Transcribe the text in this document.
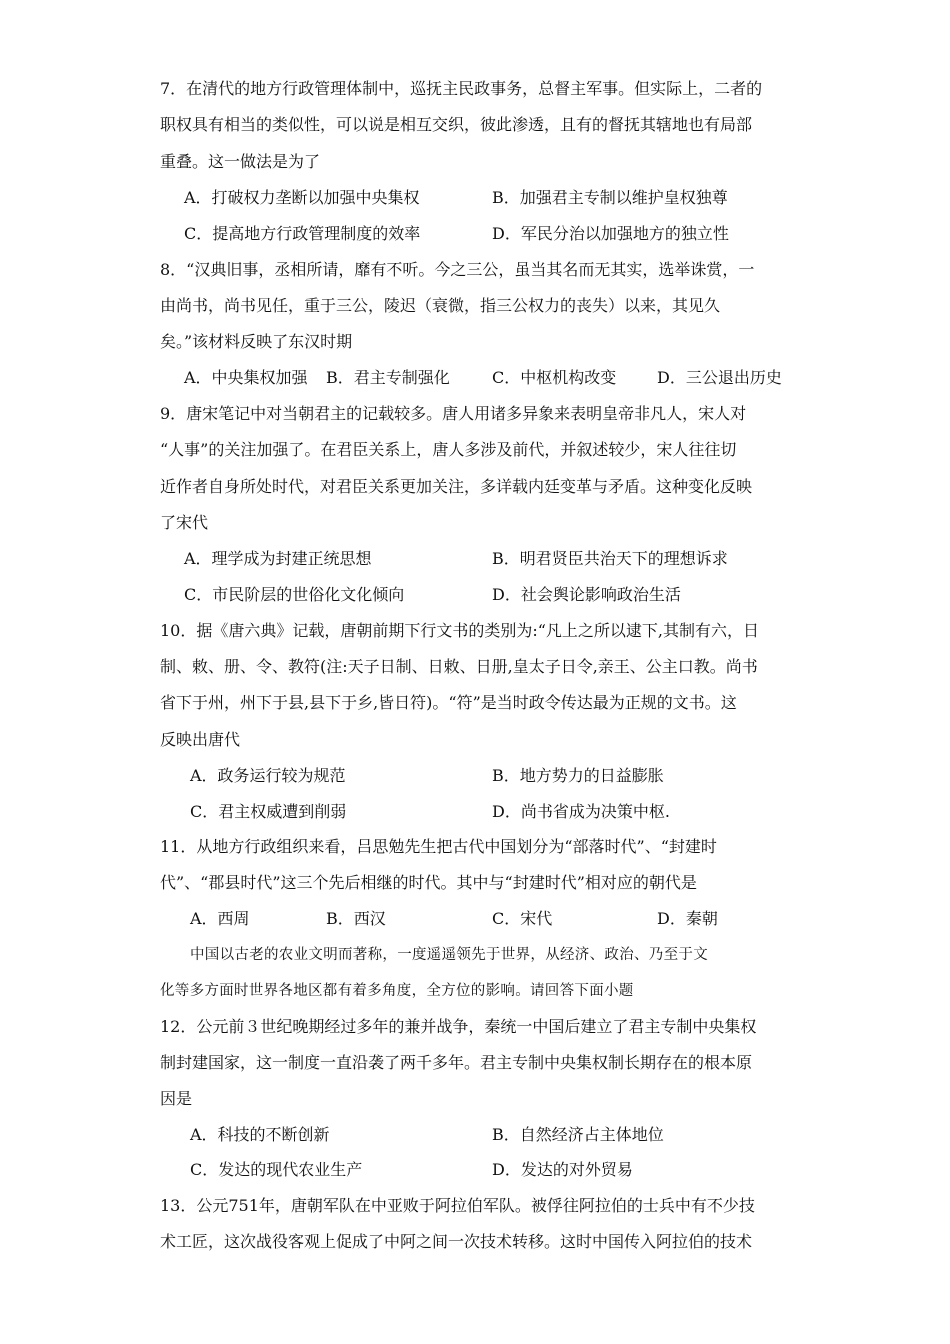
7．在清代的地方行政管理体制中，巡抚主民政事务，总督主军事。但实际上，二者的
职权具有相当的类似性，可以说是相互交织，彼此渗透，且有的督抚其辖地也有局部
重叠。这一做法是为了
A．打破权力垄断以加强中央集权	B．加强君主专制以维护皇权独尊
C．提高地方行政管理制度的效率	D．军民分治以加强地方的独立性
8．“汉典旧事，丞相所请，靡有不听。今之三公，虽当其名而无其实，选举诛赏，一
由尚书，尚书见任，重于三公，陵迟（衰微，指三公权力的丧失）以来，其见久
矣。”该材料反映了东汉时期
A．中央集权加强 B．君主专制强化	C．中枢机构改变	D．三公退出历史
9．唐宋笔记中对当朝君主的记载较多。唐人用诸多异象来表明皇帝非凡人，宋人对
“人事”的关注加强了。在君臣关系上，唐人多涉及前代，并叙述较少，宋人往往切
近作者自身所处时代，对君臣关系更加关注，多详载内廷变革与矛盾。这种变化反映
了宋代
A．理学成为封建正统思想	B．明君贤臣共治天下的理想诉求
C．市民阶层的世俗化文化倾向	D．社会舆论影响政治生活
10．据《唐六典》记载，唐朝前期下行文书的类别为:“凡上之所以逮下,其制有六，日
制、敕、册、令、教符(注:天子日制、日敕、日册,皇太子日令,亲王、公主口教。尚书
省下于州，州下于县,县下于乡,皆日符)。“符”是当时政令传达最为正规的文书。这
反映出唐代
A．政务运行较为规范	B．地方势力的日益膨胀
C．君主权威遭到削弱	D．尚书省成为决策中枢.
11．从地方行政组织来看，吕思勉先生把古代中国划分为“部落时代”、“封建时
代”、“郡县时代”这三个先后相继的时代。其中与“封建时代”相对应的朝代是
A．西周	B．西汉	C．宋代	D．秦朝
中国以古老的农业文明而著称，一度遥遥领先于世界，从经济、政治、乃至于文
化等多方面时世界各地区都有着多角度，全方位的影响。请回答下面小题
12．公元前３世纪晚期经过多年的兼并战争，秦统一中国后建立了君主专制中央集权
制封建国家，这一制度一直沿袭了两千多年。君主专制中央集权制长期存在的根本原
因是
A．科技的不断创新	B．自然经济占主体地位
C．发达的现代农业生产	D．发达的对外贸易
13．公元751年，唐朝军队在中亚败于阿拉伯军队。被俘往阿拉伯的士兵中有不少技
术工匠，这次战役客观上促成了中阿之间一次技术转移。这时中国传入阿拉伯的技术
